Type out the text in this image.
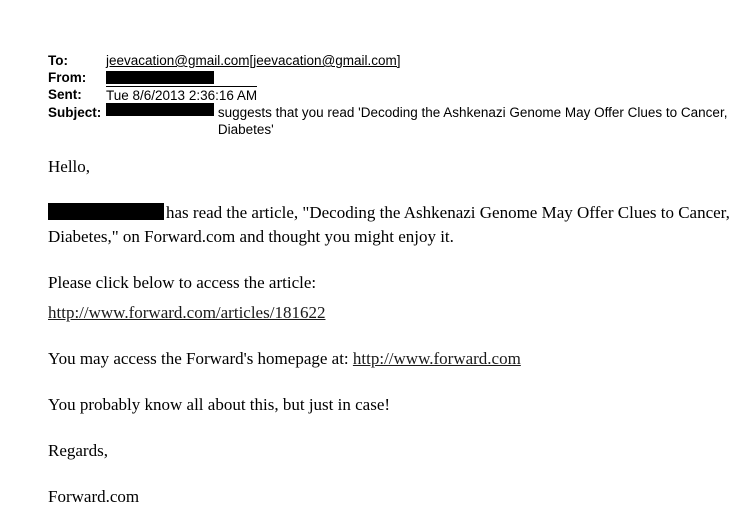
To:	jeevacation@gmail.com[jeevacation@gmail.com]
From:
Sent:	Tue 8/6/2013 2:36:16 AM
Subject:	suggests that you read 'Decoding the Ashkenazi Genome May Offer Clues to Cancer, Diabetes'

Hello,

has read the article, "Decoding the Ashkenazi Genome May Offer Clues to Cancer, Diabetes," on Forward.com and thought you might enjoy it.

Please click below to access the article:

http://www.forward.com/articles/181622

You may access the Forward's homepage at: http://www.forward.com

You probably know all about this, but just in case!

Regards,

Forward.com
